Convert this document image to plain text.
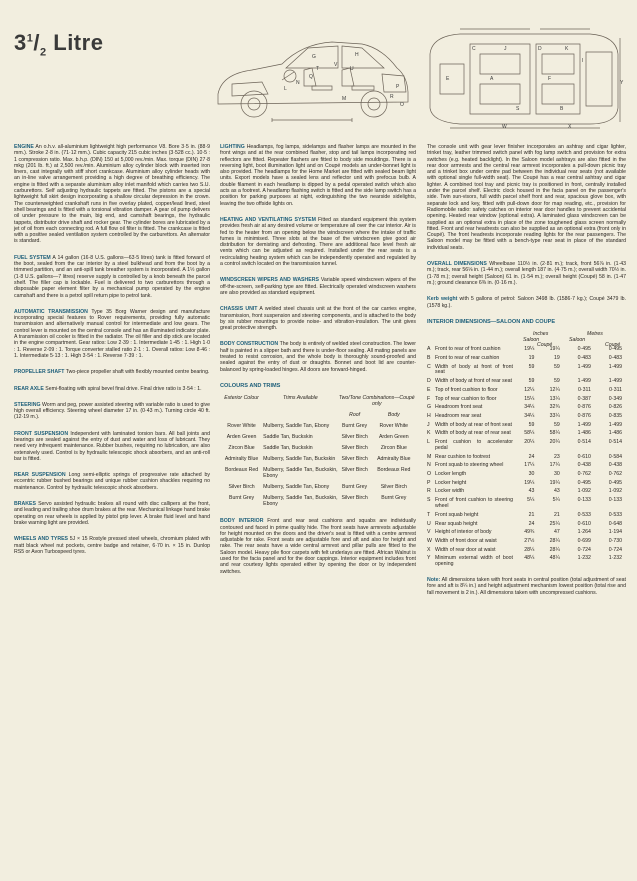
$3^1/_2$ Litre
G	H
L
M
N
P
Q
R
T	U
V
O
C	J	D	K
I
F
A
B
S
W	X
Y
E

ENGINE An o.h.v. all-aluminium lightweight high performance V8. Bore 3·5 in. (88·9 mm.). Stroke 2·8 in. (71·12 mm.). Cubic capacity 215 cubic inches (3·528 cc.). 10·5 : 1 compression ratio. Max. b.h.p. (DIN) 150 at 5,000 rev./min. Max. torque (DIN) 27·8 mkg (201 lb. ft.) at 2,500 rev./min. Aluminium alloy cylinder block with inserted iron liners, cast integrally with stiff short crankcase. Aluminium alloy cylinder heads with an in-line valve arrangement providing a high degree of breathing efficiency. The engine is fitted with a separate aluminium alloy inlet manifold which carries two S.U. carburettors. Self adjusting hydraulic tappets are fitted. The pistons are a special lightweight full skirt design incorporating a shallow circular depression in the crown. The counterweighted crankshaft runs in five overlay plated, copper/lead lined, steel shell bearings and is fitted with a torsional vibration damper. A gear oil pump delivers oil under pressure to the main, big end, and camshaft bearings, the hydraulic tappets, distributor drive shaft and rocker gear. The cylinder bores are lubricated by a jet of oil from each connecting rod. A full flow oil filter is fitted. The crankcase is fitted with a positive sealed ventilation system controlled by the carburettors. An alternator is standard.

FUEL SYSTEM A 14 gallon (16·8 U.S. gallons—63·5 litres) tank is fitted forward of the boot, sealed from the car interior by a steel bulkhead and from the boot by a trimmed partition, and an anti-spill tank breather system is incorporated. A 1½ gallon (1·8 U.S. gallons—7 litres) reserve supply is controlled by a knob beneath the parcel shelf. The filler cap is lockable. Fuel is delivered to two carburettors through a disposable paper element filter by a mechanical pump operated by the engine camshaft and there is a petrol spill return pipe to petrol tank.

AUTOMATIC TRANSMISSION Type 35 Borg Warner design and manufacture incorporating special features to Rover requirements, providing fully automatic transmission and alternatively manual control for intermediate and low gears. The control lever is mounted on the central console and has an illuminated indicator plate. A transmission oil cooler is fitted in the radiator. The oil filler and dip stick are located in the engine compartment. Gear ratios: Low 2·39 : 1. Intermediate 1·45 : 1. High 1·0 : 1. Reverse 2·09 : 1. Torque converter stalled ratio 2·1 : 1. Overall ratios: Low 8·46 : 1. Intermediate 5·13 : 1. High 3·54 : 1. Reverse 7·39 : 1.

PROPELLER SHAFT Two-piece propeller shaft with flexibly mounted centre bearing.

REAR AXLE Semi-floating with spiral bevel final drive. Final drive ratio is 3·54 : 1.

STEERING Worm and peg, power assisted steering with variable ratio is used to give high overall efficiency. Steering wheel diameter 17 in. (0·43 m.). Turning circle 40 ft. (12·19 m.).

FRONT SUSPENSION Independent with laminated torsion bars. All ball joints and bearings are sealed against the entry of dust and water and loss of lubricant. They need very infrequent maintenance. Rubber bushes, requiring no lubrication, are also extensively used. Control is by hydraulic telescopic shock absorbers, and an anti-roll bar is fitted.

REAR SUSPENSION Long semi-elliptic springs of progressive rate attached by eccentric rubber bushed bearings and unique rubber cushion shackles requiring no maintenance. Control by hydraulic telescopic shock absorbers.

BRAKES Servo assisted hydraulic brakes all round with disc callipers at the front, and leading and trailing shoe drum brakes at the rear. Mechanical linkage hand brake operating on rear wheels is applied by pistol grip lever. A brake fluid level and hand brake warning light are provided.

WHEELS AND TYRES 5J × 15 Rostyle pressed steel wheels, chromium plated with matt black wheel nut pockets, centre badge and retainer, 6·70 in. × 15 in. Dunlop RS5 or Avon Turbospeed tyres.

LIGHTING Headlamps, fog lamps, sidelamps and flasher lamps are mounted in the front wings and at the rear combined flasher, stop and tail lamps incorporating red reflectors are fitted. Repeater flashers are fitted to body side mouldings. There is a reversing light, boot illumination light and on Coupé models an under-bonnet light is also provided. The headlamps for the Home Market are fitted with sealed beam light units. Export models have a sealed lens and reflector unit with prefocus bulb. A double filament in each headlamp is dipped by a pedal operated switch which also acts as a footrest. A headlamp flashing switch is fitted and the side lamp switch has a position for parking purposes at night, extinguishing the two nearside sidelights, leaving the two offside lights on.

HEATING AND VENTILATING SYSTEM Fitted as standard equipment this system provides fresh air at any desired volume or temperature all over the car interior. Air is fed to the heater from an opening below the windscreen where the intake of traffic fumes is minimised. Three slots at the base of the windscreen give good air distribution for demisting and defrosting. There are additional face level fresh air vents which can be adjusted as required. Installed under the rear seats is a recirculating heating system which can be independently operated and regulated by a control switch located on the transmission tunnel.

WINDSCREEN WIPERS AND WASHERS Variable speed windscreen wipers of the off-the-screen, self-parking type are fitted. Electrically operated windscreen washers are also provided as standard equipment.

CHASSIS UNIT A welded steel chassis unit at the front of the car carries engine, transmission, front suspension and steering components, and is attached to the body by six rubber mountings to provide noise- and vibration-insulation. The unit gives great protective strength.

BODY CONSTRUCTION The body is entirely of welded steel construction. The lower half is painted in a slipper bath and there is under-floor sealing. All mating panels are treated to resist corrosion, and the whole body is thoroughly sound-proofed and sealed against the entry of dust or draughts. Bonnet and boot lid are counter-balanced by spring-loaded hinges. All doors are forward-hinged.

COLOURS AND TRIMS
Exterior Colour	Trims Available	Two/Tone Combinations—Coupé only	
		Roof	Body
Rover White	Mulberry, Saddle Tan, Ebony	Burnt Grey	Rover White
Arden Green	Saddle Tan, Buckskin	Silver Birch	Arden Green
Zircon Blue	Saddle Tan, Buckskin	Silver Birch	Zircon Blue
Admiralty Blue	Mulberry, Saddle Tan, Buckskin	Silver Birch	Admiralty Blue
Bordeaux Red	Mulberry, Saddle Tan, Buckskin, Ebony	Silver Birch	Bordeaux Red
Silver Birch	Mulberry, Saddle Tan, Ebony	Burnt Grey	Silver Birch
Burnt Grey	Mulberry, Saddle Tan, Buckskin, Ebony	Silver Birch	Burnt Grey

BODY INTERIOR Front and rear seat cushions and squabs are individually contoured and faced in prime quality hide. The front seats have armrests adjustable for height mounted on the doors and the driver's seat is fitted with a centre armrest adjustable for rake. Front seats are adjustable fore and aft and also for height and rake. The rear seats have a wide central armrest and pillar pulls are fitted to the Saloon model. Heavy pile floor carpets with felt underlays are fitted. African Walnut is used for the facia panel and for the door cappings. Interior equipment includes front and rear courtesy lights operated either by opening the door or by independent switches.

The console unit with gear lever finisher incorporates an ashtray and cigar lighter, trinket tray, leather trimmed switch panel with fog lamp switch and provision for extra switches (e.g. heated backlight). In the Saloon model ashtrays are also fitted in the rear door armrests and the central rear armrest incorporates a pull-down picnic tray and a trinket box under centre pad between the individual rear seats (not available with optional single full-width seat). The Coupé has a rear central ashtray and cigar lighter. A combined tool tray and picnic tray is positioned in front, centrally installed under the parcel shelf. Electric clock housed in the facia panel on the passenger's side. Twin sun-visors, full width parcel shelf front and rear, spacious glove box, with separate lock and key, fitted with pull-down door for map reading, etc., provision for Radiomobile radio: safety catches on interior rear door handles to prevent accidental opening. Heated rear window (optional extra). A laminated glass windscreen can be supplied as an optional extra in place of the zone toughened glass screen normally fitted. Front and rear headrests can also be supplied as an optional extra (front only in Coupé). The front headrests incorporate reading lights for the rear passengers. The Saloon model may be fitted with a bench-type rear seat in place of the standard individual seats.

OVERALL DIMENSIONS Wheelbase 110½ in. (2·81 m.); track, front 56⅞ in. (1·43 m.); track, rear 56⅛ in. (1·44 m.); overall length 187 in. (4·75 m.); overall width 70½ in. (1·78 m.); overall height (Saloon) 61 in. (1·54 m.); overall height (Coupé) 58 in. (1·47 m.); ground clearance 6⅜ in. (0·16 m.).

Kerb weight with 5 gallons of petrol: Saloon 3498 lb. (1586·7 kg.); Coupé 3479 lb. (1578 kg.).

INTERIOR DIMENSIONS—SALOON AND COUPE
Inches	Metres
Saloon	Saloon
Coupé	Coupé
A	Front to rear of front cushion	19¼	19¼	0·495	0·495
B	Front to rear of rear cushion	19	19	0·483	0·483
C	Width of body at front of front seat	59	59	1·499	1·499
D	Width of body at front of rear seat	59	59	1·499	1·499
E	Top of front cushion to floor	12¼	12¼	0·311	0·311
F	Top of rear cushion to floor	15¼	13¼	0·387	0·349
G	Headroom front seat	34¼	32¾	0·876	0·826
H	Headroom rear seat	34¼	33¼	0·876	0·835
J	Width of body at rear of front seat	59	59	1·499	1·499
K	Width of body at rear of rear seat	58¼	58¼	1·486	1·486
L	Front cushion to accelerator pedal	20¼	20¼	0·514	0·514
M	Rear cushion to footrest	24	23	0·610	0·584
N	Front squab to steering wheel	17¼	17¼	0·438	0·438
O	Locker length	30	30	0·762	0·762
P	Locker height	19¼	19¼	0·495	0·495
R	Locker width	43	43	1·092	1·092
S	Front of front cushion to steering wheel	5¼	5¼	0·133	0·133
T	Front squab height	21	21	0·533	0·533
U	Rear squab height	24	25¼	0·610	0·648
V	Height of interior of body	49¾	47	1·264	1·194
W	Width of front door at waist	27½	28¼	0·699	0·730
X	Width of rear door at waist	28¼	28¼	0·724	0·724
Y	Minimum external width of boot opening	48¼	48¼	1·232	1·232

Note: All dimensions taken with front seats in central position (total adjustment of seat fore and aft is 8¼ in.) and height adjustment mechanism lowest position (total rise and fall movement is 2 in.). All dimensions taken with uncompressed cushions.
